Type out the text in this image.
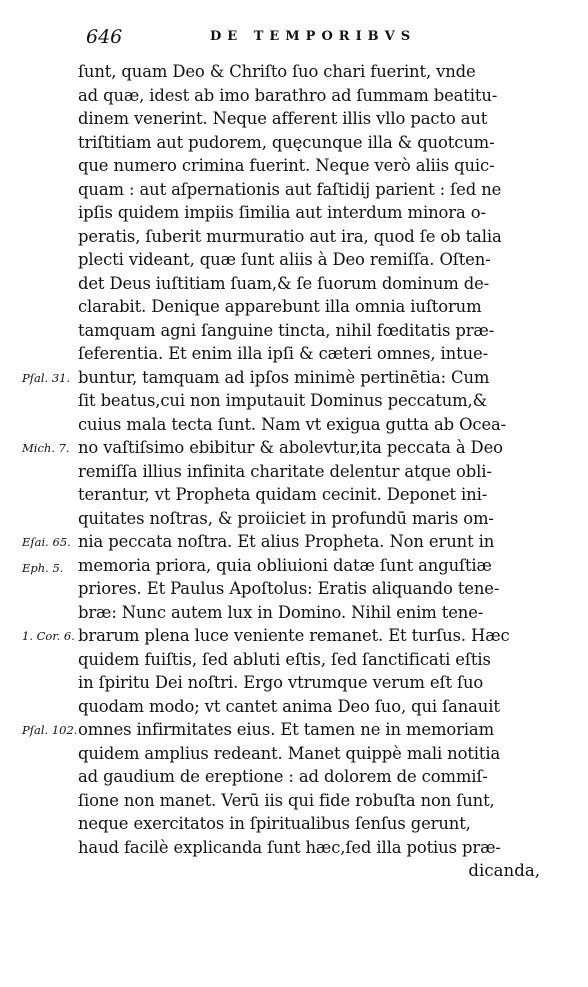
646	DE TEMPORIBVS
Pſal. 31.
Mich. 7.
Eſai. 65.
Eph. 5.
1. Cor. 6.
Pſal. 102.
ſunt, quam Deo & Chriſto ſuo chari fuerint, vnde
ad quæ, idest ab imo barathro ad ſummam beatitu-
dinem venerint. Neque afferent illis vllo pacto aut
triſtitiam aut pudorem, quęcunque illa & quotcum-
que numero crimina fuerint. Neque verò aliis quic-
quam : aut aſpernationis aut faſtidij parient : ſed ne
ipſis quidem impiis ſimilia aut interdum minora o-
peratis, ſuberit murmuratio aut ira, quod ſe ob talia
plecti videant, quæ ſunt aliis à Deo remiſſa. Oſten-
det Deus iuſtitiam ſuam,& ſe ſuorum dominum de-
clarabit. Denique apparebunt illa omnia iuſtorum
tamquam agni ſanguine tincta, nihil fœditatis præ-
ſeferentia. Et enim illa ipſi & cæteri omnes, intue-
buntur, tamquam ad ipſos minimè pertinētia: Cum
ſit beatus,cui non imputauit Dominus peccatum,&
cuius mala tecta ſunt. Nam vt exigua gutta ab Ocea-
no vaſtiſsimo ebibitur & abolevtur,ita peccata à Deo
remiſſa illius infinita charitate delentur atque obli-
terantur, vt Propheta quidam cecinit. Deponet ini-
quitates noſtras, & proiiciet in profundū maris om-
nia peccata noſtra. Et alius Propheta. Non erunt in
memoria priora, quia obliuioni datæ ſunt anguſtiæ
priores. Et Paulus Apoſtolus: Eratis aliquando tene-
bræ: Nunc autem lux in Domino. Nihil enim tene-
brarum plena luce veniente remanet. Et turſus. Hæc
quidem fuiſtis, ſed abluti eſtis, ſed ſanctificati eſtis
in ſpiritu Dei noſtri. Ergo vtrumque verum eſt ſuo
quodam modo; vt cantet anima Deo ſuo, qui ſanauit
omnes infirmitates eius. Et tamen ne in memoriam
quidem amplius redeant. Manet quippè mali notitia
ad gaudium de ereptione : ad dolorem de commiſ-
ſione non manet. Verū iis qui fide robuſta non ſunt,
neque exercitatos in ſpiritualibus ſenſus gerunt,
haud facilè explicanda ſunt hæc,ſed illa potius præ-
dicanda,
